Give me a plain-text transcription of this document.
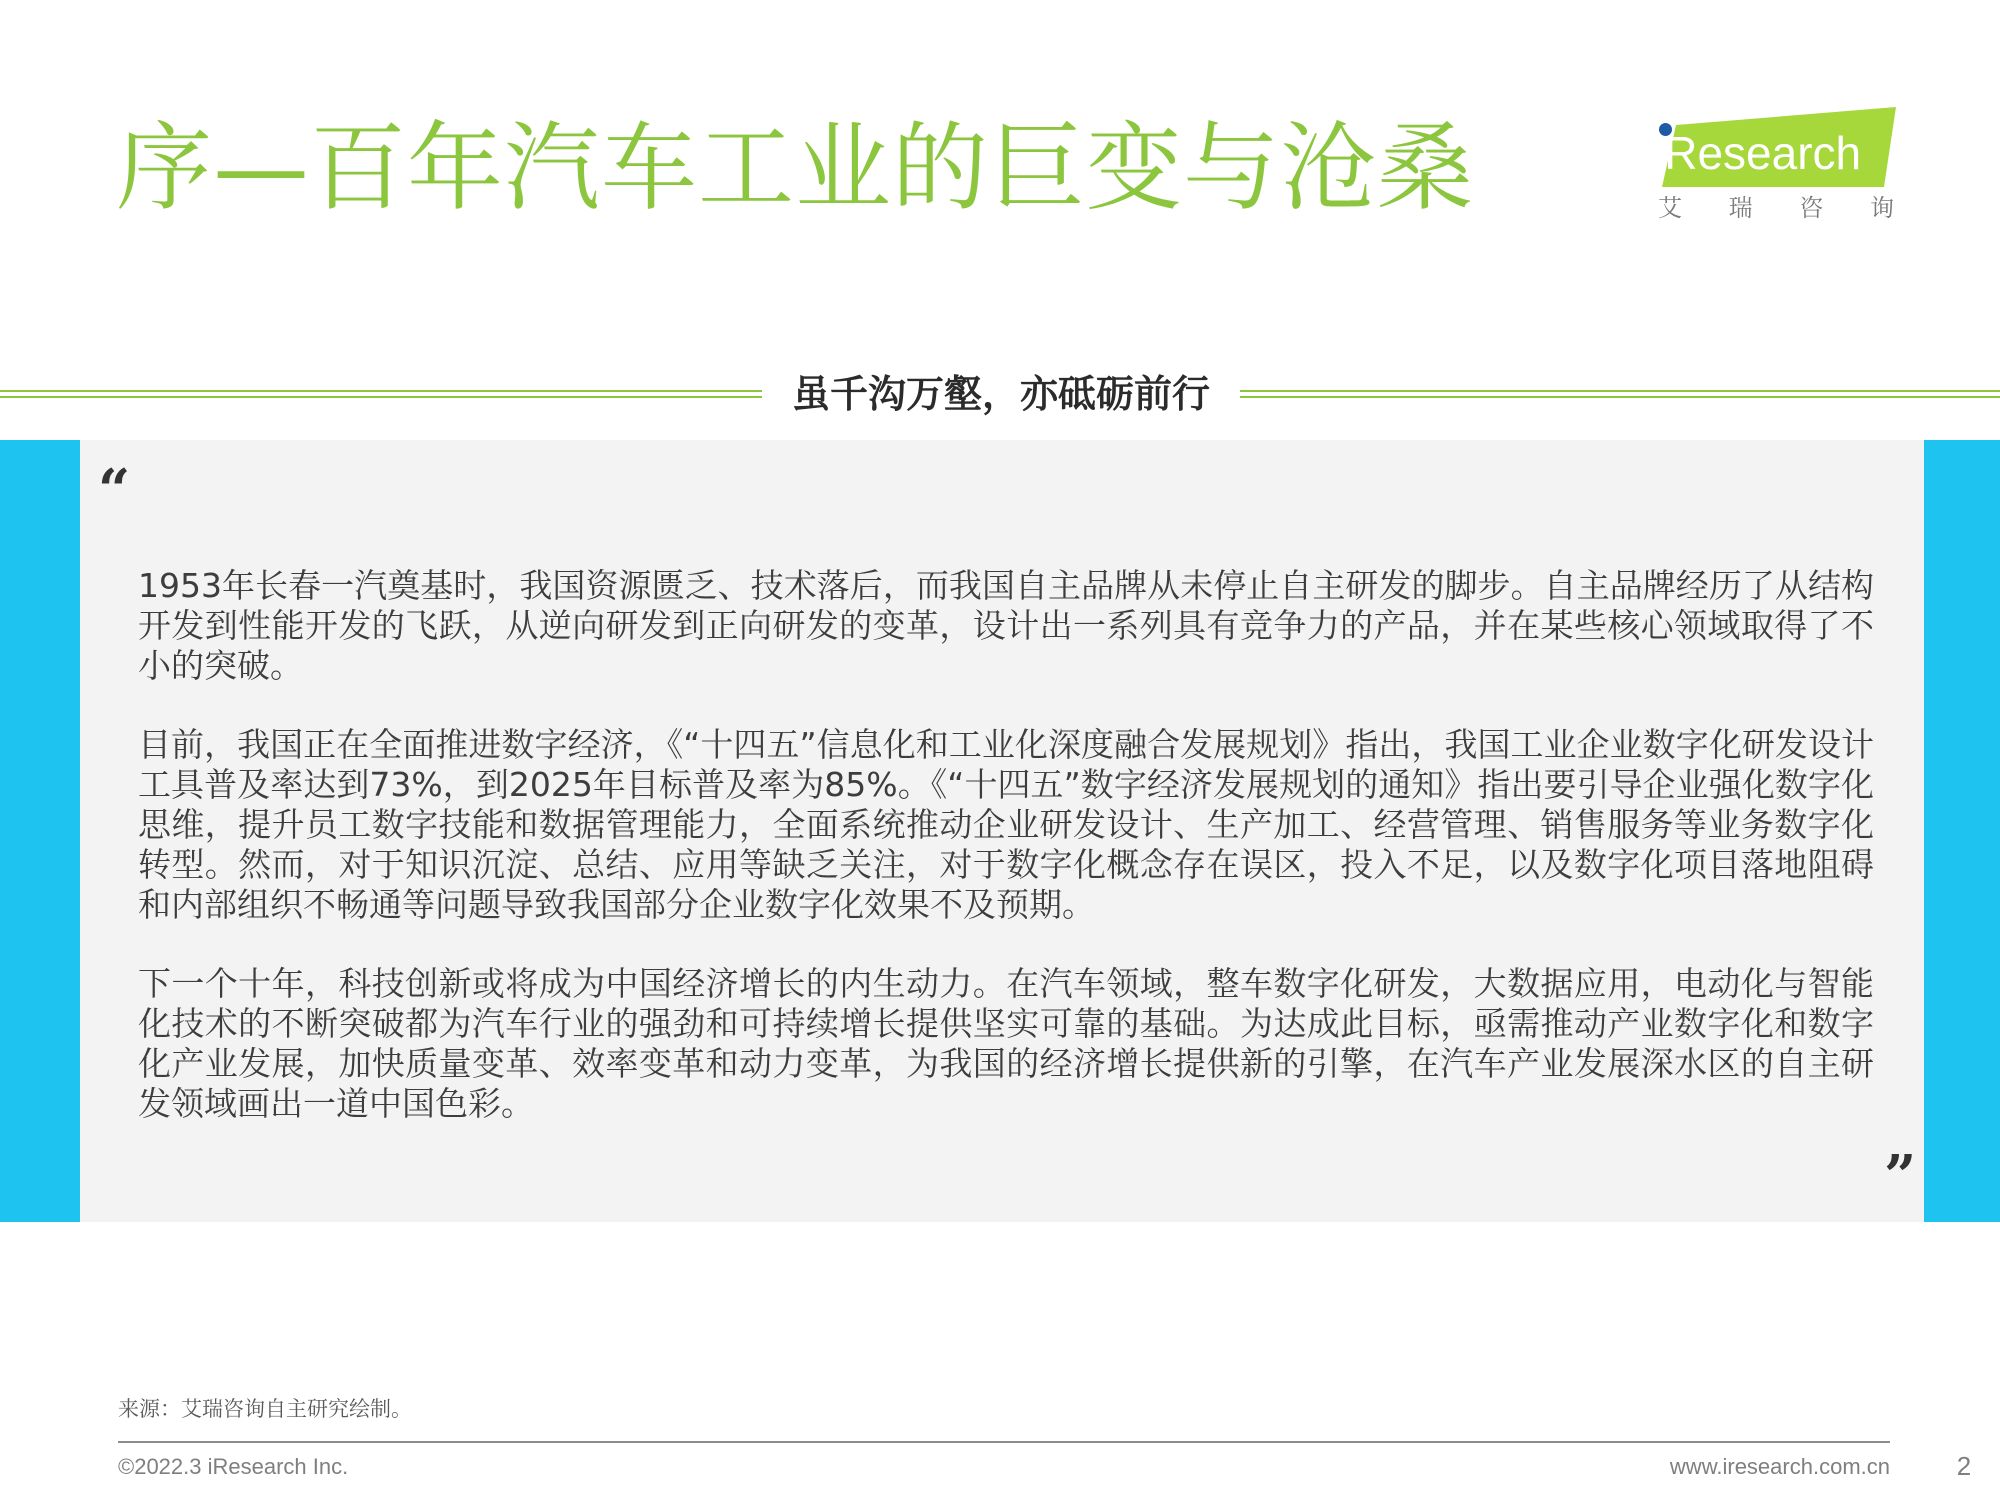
序—百年汽车工业的巨变与沧桑	iResearch
艾 瑞 咨 询
虽千沟万壑，亦砥砺前行
“

1953年长春一汽奠基时，我国资源匮乏、技术落后，而我国自主品牌从未停止自主研发的脚步。自主品牌经历了从结构开发到性能开发的飞跃，从逆向研发到正向研发的变革，设计出一系列具有竞争力的产品，并在某些核心领域取得了不小的突破。

目前，我国正在全面推进数字经济，《“十四五”信息化和工业化深度融合发展规划》指出，我国工业企业数字化研发设计工具普及率达到73%，到2025年目标普及率为85%。《“十四五”数字经济发展规划的通知》指出要引导企业强化数字化思维，提升员工数字技能和数据管理能力，全面系统推动企业研发设计、生产加工、经营管理、销售服务等业务数字化转型。然而，对于知识沉淀、总结、应用等缺乏关注，对于数字化概念存在误区，投入不足，以及数字化项目落地阻碍和内部组织不畅通等问题导致我国部分企业数字化效果不及预期。

下一个十年，科技创新或将成为中国经济增长的内生动力。在汽车领域，整车数字化研发，大数据应用，电动化与智能化技术的不断突破都为汽车行业的强劲和可持续增长提供坚实可靠的基础。为达成此目标，亟需推动产业数字化和数字化产业发展，加快质量变革、效率变革和动力变革，为我国的经济增长提供新的引擎，在汽车产业发展深水区的自主研发领域画出一道中国色彩。

”
来源：艾瑞咨询自主研究绘制。
©2022.3 iResearch Inc.	www.iresearch.com.cn	2
